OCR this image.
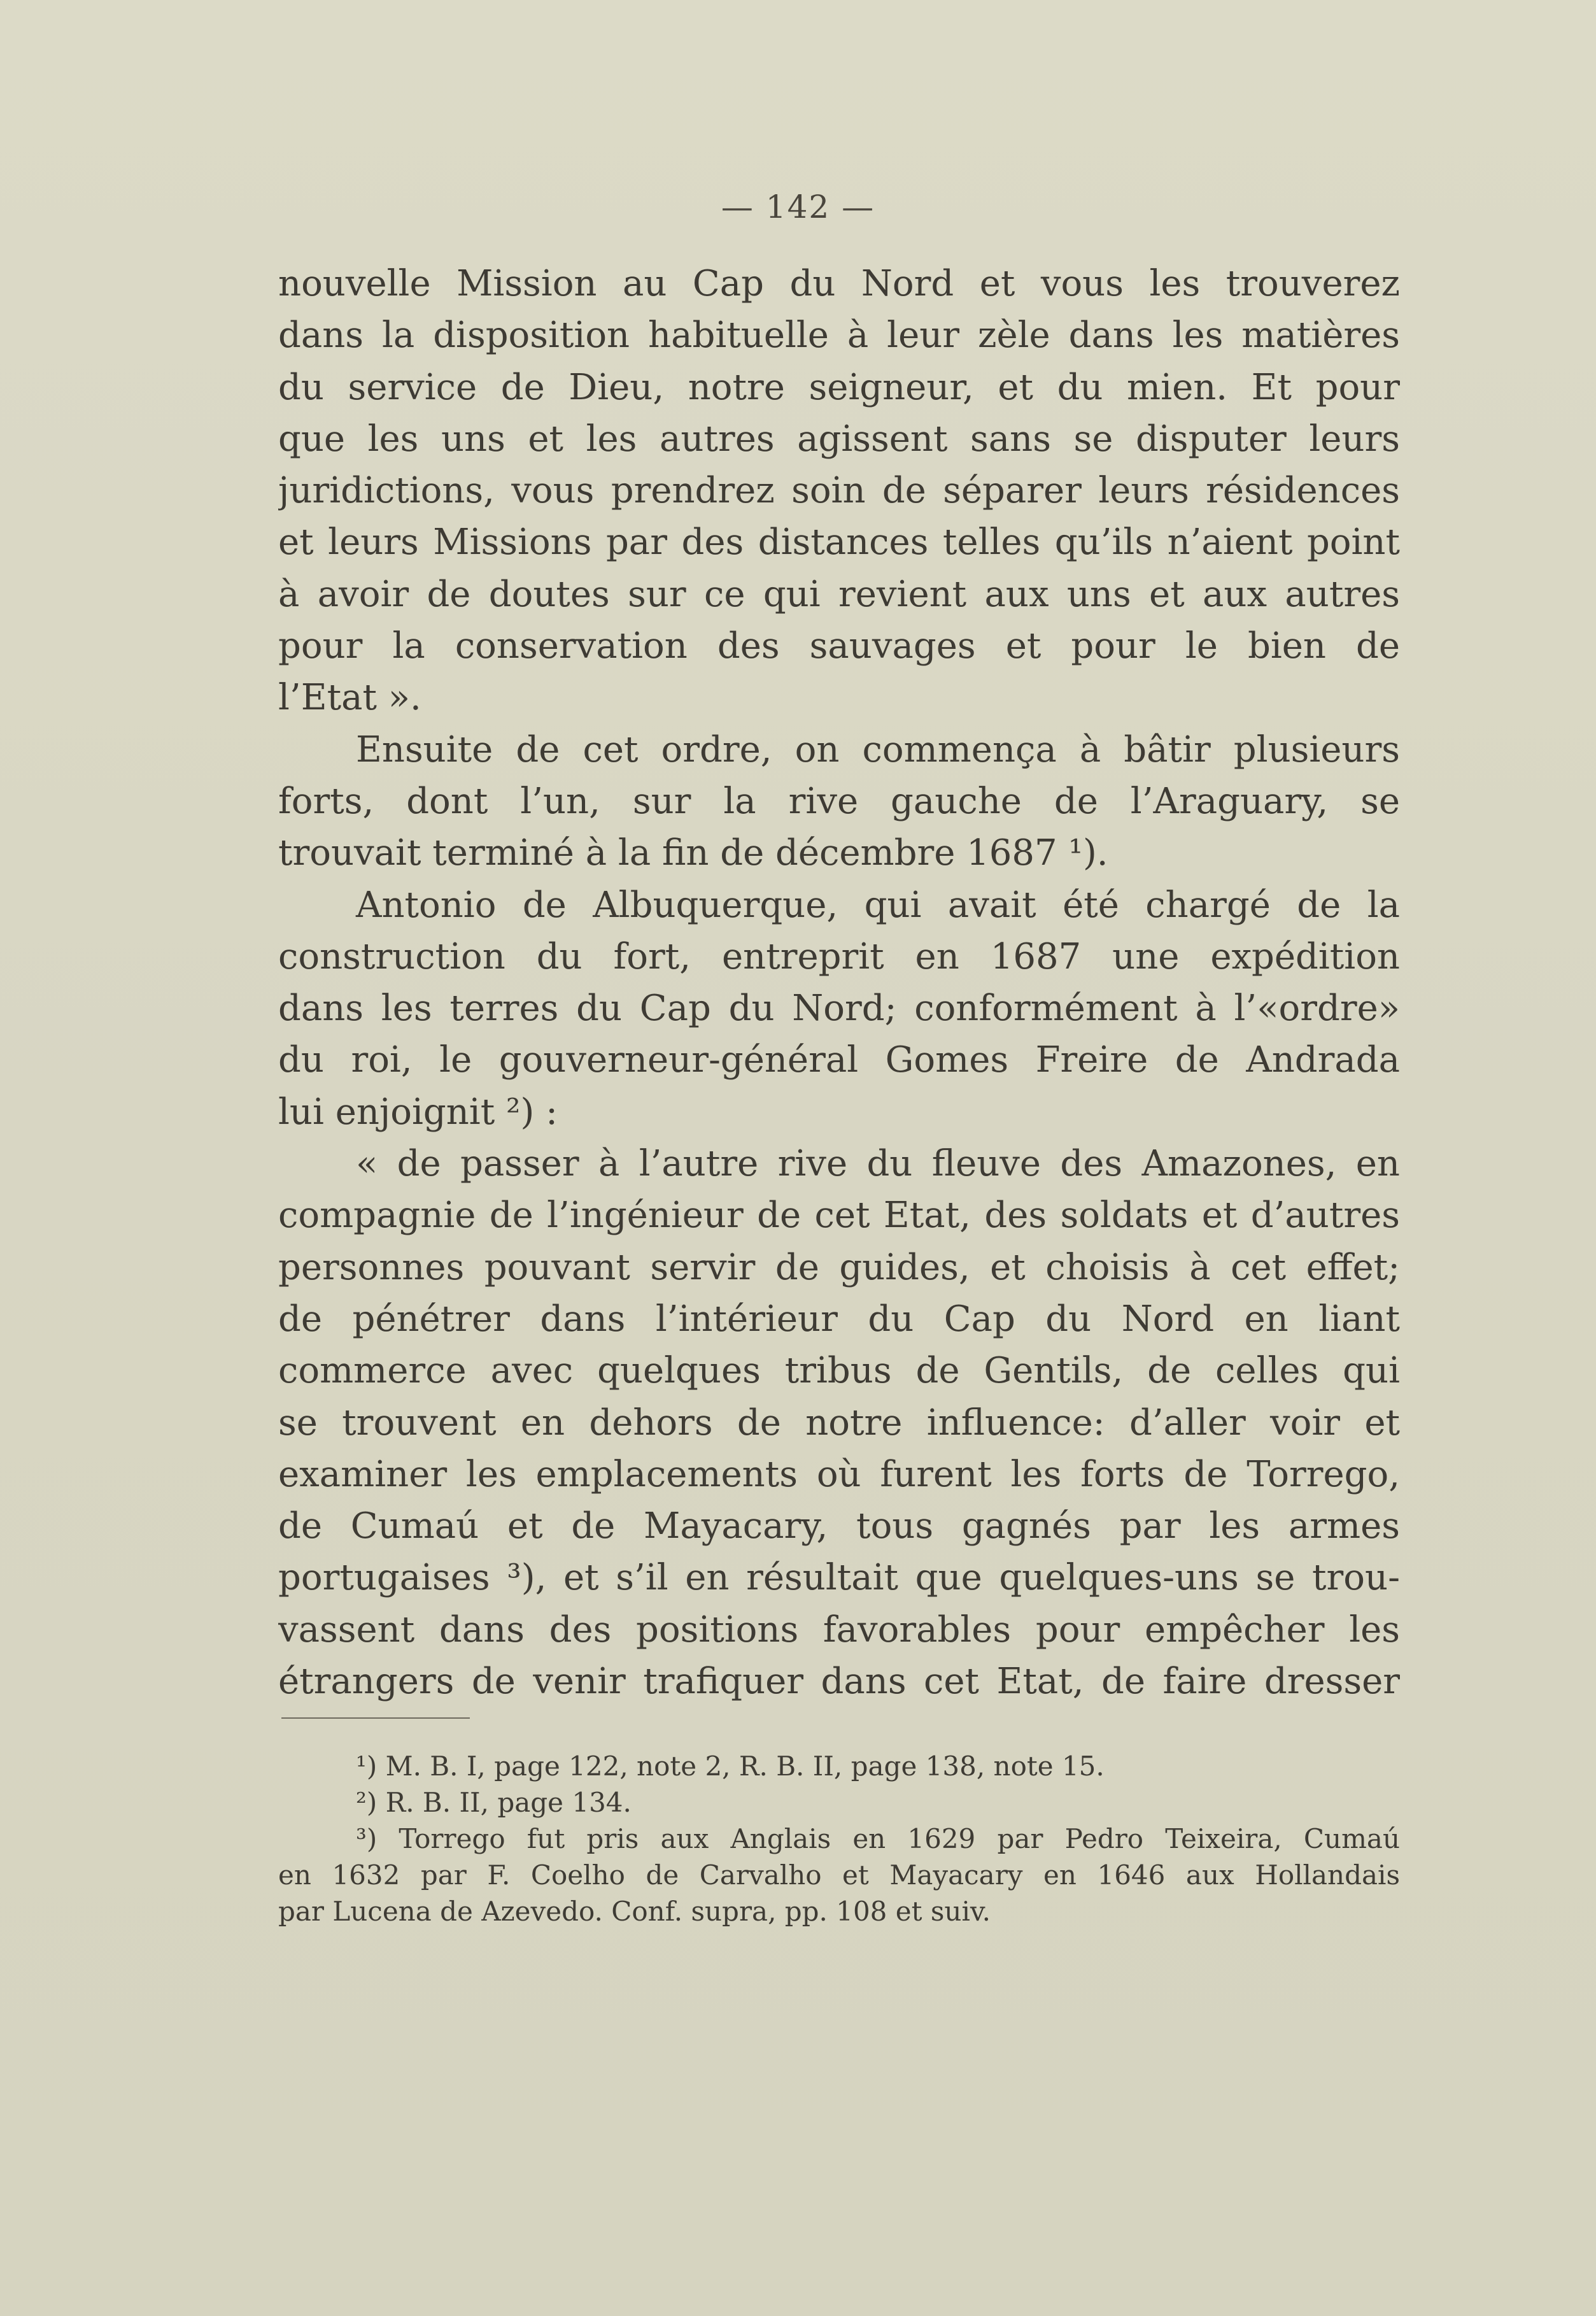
— 142 —
nouvelle Mission au Cap du Nord et vous les trouverez
dans la disposition habituelle à leur zèle dans les matières
du service de Dieu, notre seigneur, et du mien. Et pour
que les uns et les autres agissent sans se disputer leurs
juridictions, vous prendrez soin de séparer leurs résidences
et leurs Missions par des distances telles qu’ils n’aient point
à avoir de doutes sur ce qui revient aux uns et aux autres
pour la conservation des sauvages et pour le bien de
l’Etat ».
Ensuite de cet ordre, on commença à bâtir plusieurs
forts, dont l’un, sur la rive gauche de l’Araguary, se
trouvait terminé à la fin de décembre 1687 ¹).
Antonio de Albuquerque, qui avait été chargé de la
construction du fort, entreprit en 1687 une expédition
dans les terres du Cap du Nord; conformément à l’«ordre»
du roi, le gouverneur-général Gomes Freire de Andrada
lui enjoignit ²) :
« de passer à l’autre rive du fleuve des Amazones, en
compagnie de l’ingénieur de cet Etat, des soldats et d’autres
personnes pouvant servir de guides, et choisis à cet effet;
de pénétrer dans l’intérieur du Cap du Nord en liant
commerce avec quelques tribus de Gentils, de celles qui
se trouvent en dehors de notre influence: d’aller voir et
examiner les emplacements où furent les forts de Torrego,
de Cumaú et de Mayacary, tous gagnés par les armes
portugaises ³), et s’il en résultait que quelques-uns se trou-
vassent dans des positions favorables pour empêcher les
étrangers de venir trafiquer dans cet Etat, de faire dresser
¹) M. B. I, page 122, note 2, R. B. II, page 138, note 15.
²) R. B. II, page 134.
³) Torrego fut pris aux Anglais en 1629 par Pedro Teixeira, Cumaú
en 1632 par F. Coelho de Carvalho et Mayacary en 1646 aux Hollandais
par Lucena de Azevedo. Conf. supra, pp. 108 et suiv.
